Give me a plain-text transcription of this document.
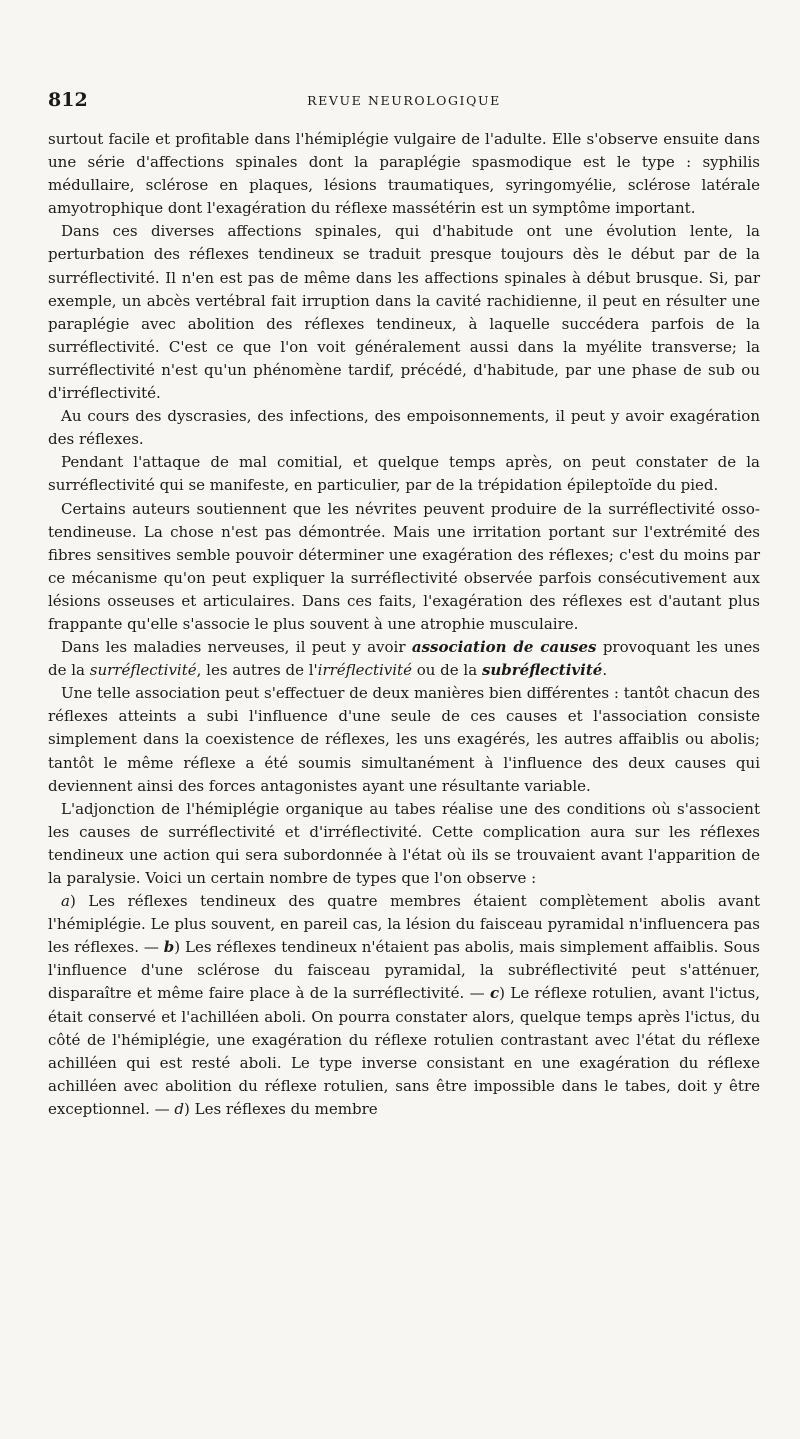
812	REVUE NEUROLOGIQUE

surtout facile et profitable dans l'hémiplégie vulgaire de l'adulte. Elle s'observe ensuite dans une série d'affections spinales dont la paraplégie spasmodique est le type : syphilis médullaire, sclérose en plaques, lésions traumatiques, syringomyélie, sclérose latérale amyotrophique dont l'exagération du réflexe massétérin est un symptôme important.

Dans ces diverses affections spinales, qui d'habitude ont une évolution lente, la perturbation des réflexes tendineux se traduit presque toujours dès le début par de la surréflectivité. Il n'en est pas de même dans les affections spinales à début brusque. Si, par exemple, un abcès vertébral fait irruption dans la cavité rachidienne, il peut en résulter une paraplégie avec abolition des réflexes tendineux, à laquelle succédera parfois de la surréflectivité. C'est ce que l'on voit généralement aussi dans la myélite transverse; la surréflectivité n'est qu'un phénomène tardif, précédé, d'habitude, par une phase de sub ou d'irréflectivité.

Au cours des dyscrasies, des infections, des empoisonnements, il peut y avoir exagération des réflexes.

Pendant l'attaque de mal comitial, et quelque temps après, on peut constater de la surréflectivité qui se manifeste, en particulier, par de la trépidation épileptoïde du pied.

Certains auteurs soutiennent que les névrites peuvent produire de la surréflectivité osso-tendineuse. La chose n'est pas démontrée. Mais une irritation portant sur l'extrémité des fibres sensitives semble pouvoir déterminer une exagération des réflexes; c'est du moins par ce mécanisme qu'on peut expliquer la surréflectivité observée parfois consécutivement aux lésions osseuses et articulaires. Dans ces faits, l'exagération des réflexes est d'autant plus frappante qu'elle s'associe le plus souvent à une atrophie musculaire.

Dans les maladies nerveuses, il peut y avoir association de causes provoquant les unes de la surréflectivité, les autres de l'irréflectivité ou de la subréflectivité.

Une telle association peut s'effectuer de deux manières bien différentes : tantôt chacun des réflexes atteints a subi l'influence d'une seule de ces causes et l'association consiste simplement dans la coexistence de réflexes, les uns exagérés, les autres affaiblis ou abolis; tantôt le même réflexe a été soumis simultanément à l'influence des deux causes qui deviennent ainsi des forces antagonistes ayant une résultante variable.

L'adjonction de l'hémiplégie organique au tabes réalise une des conditions où s'associent les causes de surréflectivité et d'irréflectivité. Cette complication aura sur les réflexes tendineux une action qui sera subordonnée à l'état où ils se trouvaient avant l'apparition de la paralysie. Voici un certain nombre de types que l'on observe :

a) Les réflexes tendineux des quatre membres étaient complètement abolis avant l'hémiplégie. Le plus souvent, en pareil cas, la lésion du faisceau pyramidal n'influencera pas les réflexes. — b) Les réflexes tendineux n'étaient pas abolis, mais simplement affaiblis. Sous l'influence d'une sclérose du faisceau pyramidal, la subréflectivité peut s'atténuer, disparaître et même faire place à de la surréflectivité. — c) Le réflexe rotulien, avant l'ictus, était conservé et l'achilléen aboli. On pourra constater alors, quelque temps après l'ictus, du côté de l'hémiplégie, une exagération du réflexe rotulien contrastant avec l'état du réflexe achilléen qui est resté aboli. Le type inverse consistant en une exagération du réflexe achilléen avec abolition du réflexe rotulien, sans être impossible dans le tabes, doit y être exceptionnel. — d) Les réflexes du membre
